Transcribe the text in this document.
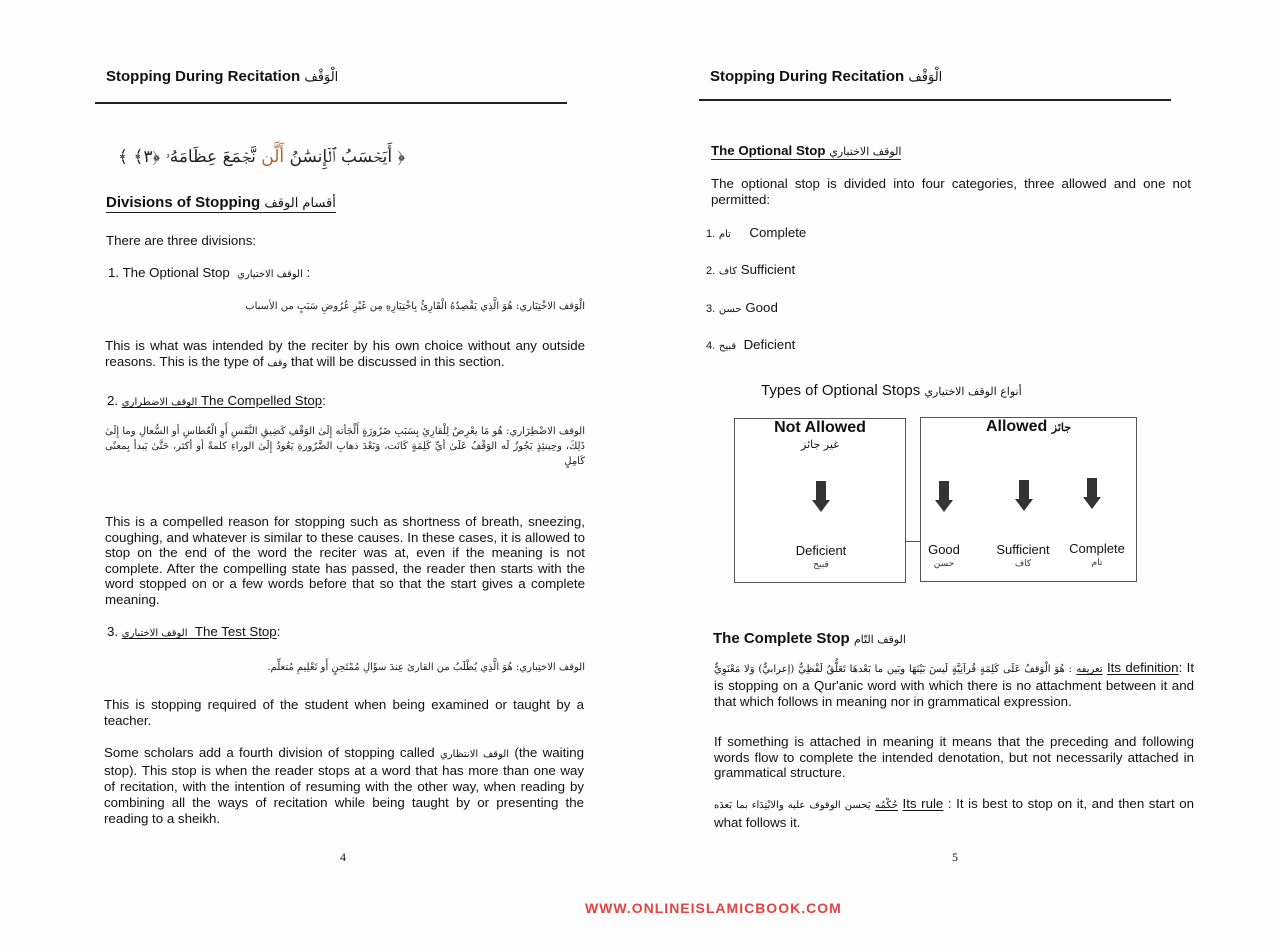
Stopping During Recitation الْوَقْف
﴿ أَيَحۡسَبُ ٱلۡإِنسَٰنُ أَلَّن نَّجۡمَعَ عِظَامَهُۥ ﴿٣﴾ ﴾
Divisions of Stopping أقسام الوقف
There are three divisions:
1. The Optional Stop الوقف الاختياري :
الْوَقف الاخْتِيَاري: هُوَ الَّذِي يَقْصِدُهُ الْقَارِئُ بِاخْتِيَارِهِ مِن غَيْرِ عُرُوضِ سَبَبٍ من الأسباب
This is what was intended by the reciter by his own choice without any outside reasons. This is the type of وقف that will be discussed in this section.
2. الوقف الاضطراري The Compelled Stop:
الوقف الاضْطِرَاري: هُو مَا يعْرِضُ لِلْقارِئِ بِسَبَبِ ضَرُورَةٍ أَلْجَأته إِلَىٰ الوَقْفِ كَضِيقِ النَّفَسِ أَوِ الْعُطاسِ أو السُّعالِ وما إِلَىٰ ذَلِكَ، وحِينئِذٍ يَجُوزُ لَه الوَقْفُ عَلَىٰ أيِّ كَلِمَةٍ كَانَت، وَبَعْدَ ذهابِ الضَّرُورةِ يَعُودُ إِلَىٰ الوراءِ كلمةً أو أكثر، حَتَّىٰ يَبدأ بِمعنًى كَامِلٍ
This is a compelled reason for stopping such as shortness of breath, sneezing, coughing, and whatever is similar to these causes. In these cases, it is allowed to stop on the end of the word the reciter was at, even if the meaning is not complete. After the compelling state has passed, the reader then starts with the word stopped on or a few words before that so that the start gives a complete meaning.
3. الوقف الاختباري The Test Stop:
الوقف الاختِباري: هُوَ الَّذِي يُطْلَبُ من القارئ عِندَ سؤَالِ مُمْتَحِنٍ أَو تَعْلِيمِ مُتعلِّم.
This is stopping required of the student when being examined or taught by a teacher.
Some scholars add a fourth division of stopping called الوقف الانتظاري (the waiting stop). This stop is when the reader stops at a word that has more than one way of recitation, with the intention of resuming with the other way, when reading by combining all the ways of recitation while being taught by or presenting the reading to a sheikh.
4
Stopping During Recitation الْوَقْف
The Optional Stop الوقف الاختياري
The optional stop is divided into four categories, three allowed and one not permitted:
1. تام Complete
2. كاف Sufficient
3. حسن Good
4. قبيح Deficient
Types of Optional Stops أنواع الوقف الاختياري
Not Allowed
غير جائز
Deficient
قبيح
Allowed جائز
Good
حسن
Sufficient
كاف
Complete
تام
The Complete Stop الوقف التّام
: هُوَ الْوَقفُ عَلَى كَلِمَةٍ قُرآنِيَّةٍ لَيسَ بَيْنَهَا وبَين ما بَعْدهَا تَعَلُّقٌ لَفْظِيٌّ (إعرابيٌّ) وَلا مَعْنَوِيٌّ تعريفه Its definition: It is stopping on a Qur'anic word with which there is no attachment between it and that which follows in meaning nor in grammatical expression.
If something is attached in meaning it means that the preceding and following words flow to complete the intended denotation, but not necessarily attached in grammatical structure.
يَحسن الوقوف عليه والابْتِدَاء بما بَعدَه حُكْمُه Its rule : It is best to stop on it, and then start on what follows it.
5
WWW.ONLINEISLAMICBOOK.COM
